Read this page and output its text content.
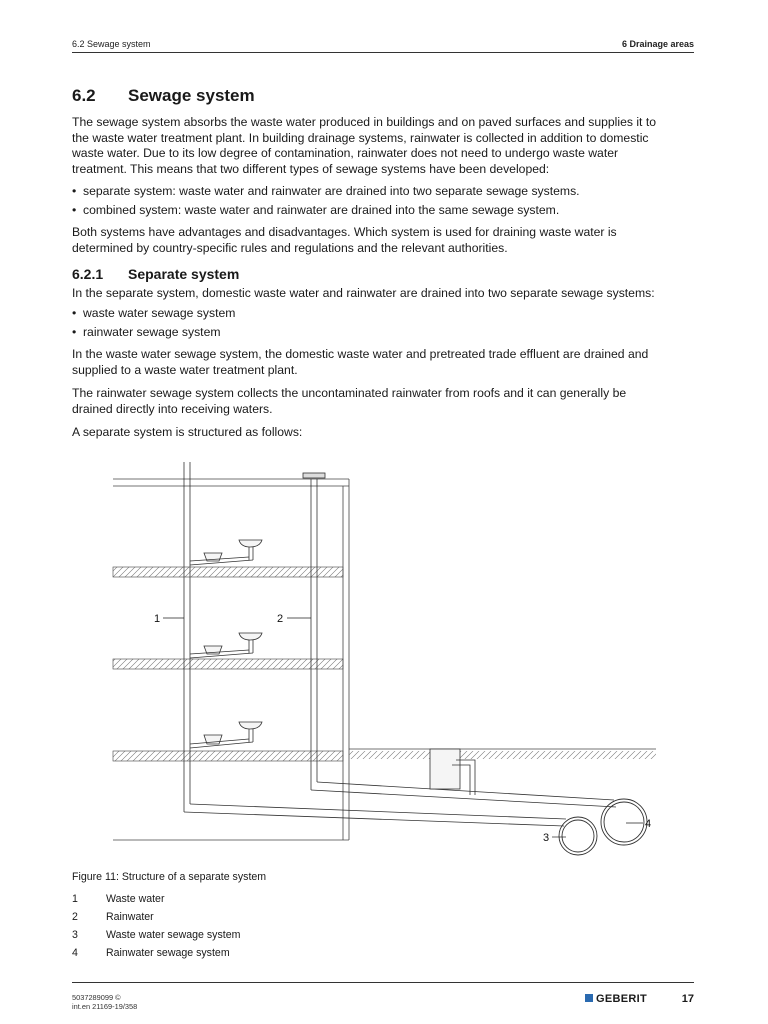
6.2 Sewage system	6 Drainage areas
6.2 Sewage system
The sewage system absorbs the waste water produced in buildings and on paved surfaces and supplies it to
the waste water treatment plant. In building drainage systems, rainwater is collected in addition to domestic
waste water. Due to its low degree of contamination, rainwater does not need to undergo waste water
treatment. This means that two different types of sewage systems have been developed:
• separate system: waste water and rainwater are drained into two separate sewage systems.
• combined system: waste water and rainwater are drained into the same sewage system.
Both systems have advantages and disadvantages. Which system is used for draining waste water is
determined by country-specific rules and regulations and the relevant authorities.
6.2.1 Separate system
In the separate system, domestic waste water and rainwater are drained into two separate sewage systems:
• waste water sewage system
• rainwater sewage system
In the waste water sewage system, the domestic waste water and pretreated trade effluent are drained and
supplied to a waste water treatment plant.
The rainwater sewage system collects the uncontaminated rainwater from roofs and it can generally be
drained directly into receiving waters.
A separate system is structured as follows:
1	2
3
4
Figure 11: Structure of a separate system
1	Waste water
2	Rainwater
3	Waste water sewage system
4	Rainwater sewage system
5037289099 ©
int.en 21169-19/358
GEBERIT	17
